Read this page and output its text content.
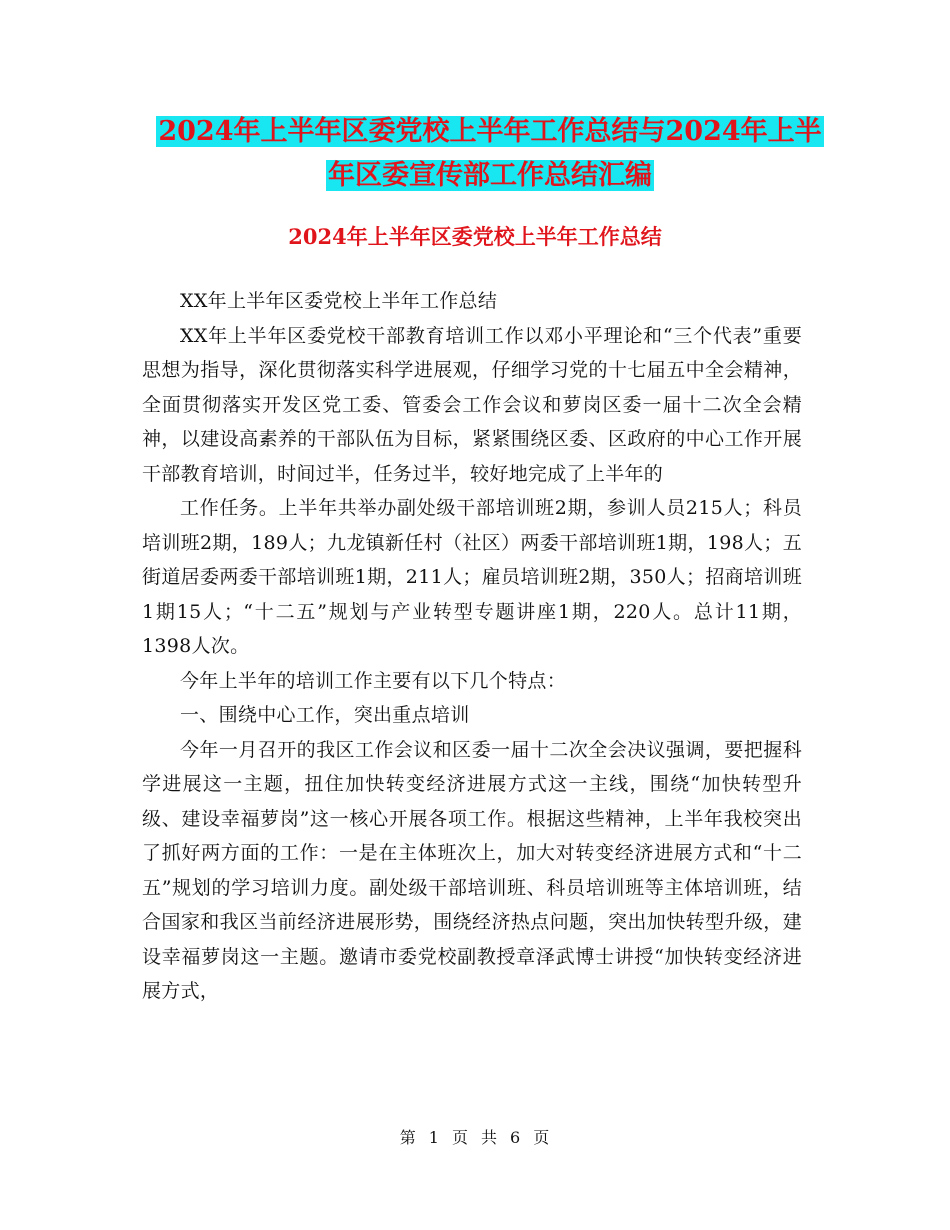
2024年上半年区委党校上半年工作总结与2024年上半
年区委宣传部工作总结汇编
2024年上半年区委党校上半年工作总结

XX年上半年区委党校上半年工作总结

XX年上半年区委党校干部教育培训工作以邓小平理论和“三个代表”重要思想为指导，深化贯彻落实科学进展观，仔细学习党的十七届五中全会精神，全面贯彻落实开发区党工委、管委会工作会议和萝岗区委一届十二次全会精神，以建设高素养的干部队伍为目标，紧紧围绕区委、区政府的中心工作开展干部教育培训，时间过半，任务过半，较好地完成了上半年的

工作任务。上半年共举办副处级干部培训班2期，参训人员215人；科员培训班2期，189人；九龙镇新任村（社区）两委干部培训班1期，198人；五街道居委两委干部培训班1期，211人；雇员培训班2期，350人；招商培训班1期15人；“十二五”规划与产业转型专题讲座1期，220人。总计11期，1398人次。

今年上半年的培训工作主要有以下几个特点：

一、围绕中心工作，突出重点培训

今年一月召开的我区工作会议和区委一届十二次全会决议强调，要把握科学进展这一主题，扭住加快转变经济进展方式这一主线，围绕“加快转型升级、建设幸福萝岗”这一核心开展各项工作。根据这些精神，上半年我校突出了抓好两方面的工作：一是在主体班次上，加大对转变经济进展方式和“十二五”规划的学习培训力度。副处级干部培训班、科员培训班等主体培训班，结合国家和我区当前经济进展形势，围绕经济热点问题，突出加快转型升级，建设幸福萝岗这一主题。邀请市委党校副教授章泽武博士讲授“加快转变经济进展方式，

第 1 页 共 6 页
